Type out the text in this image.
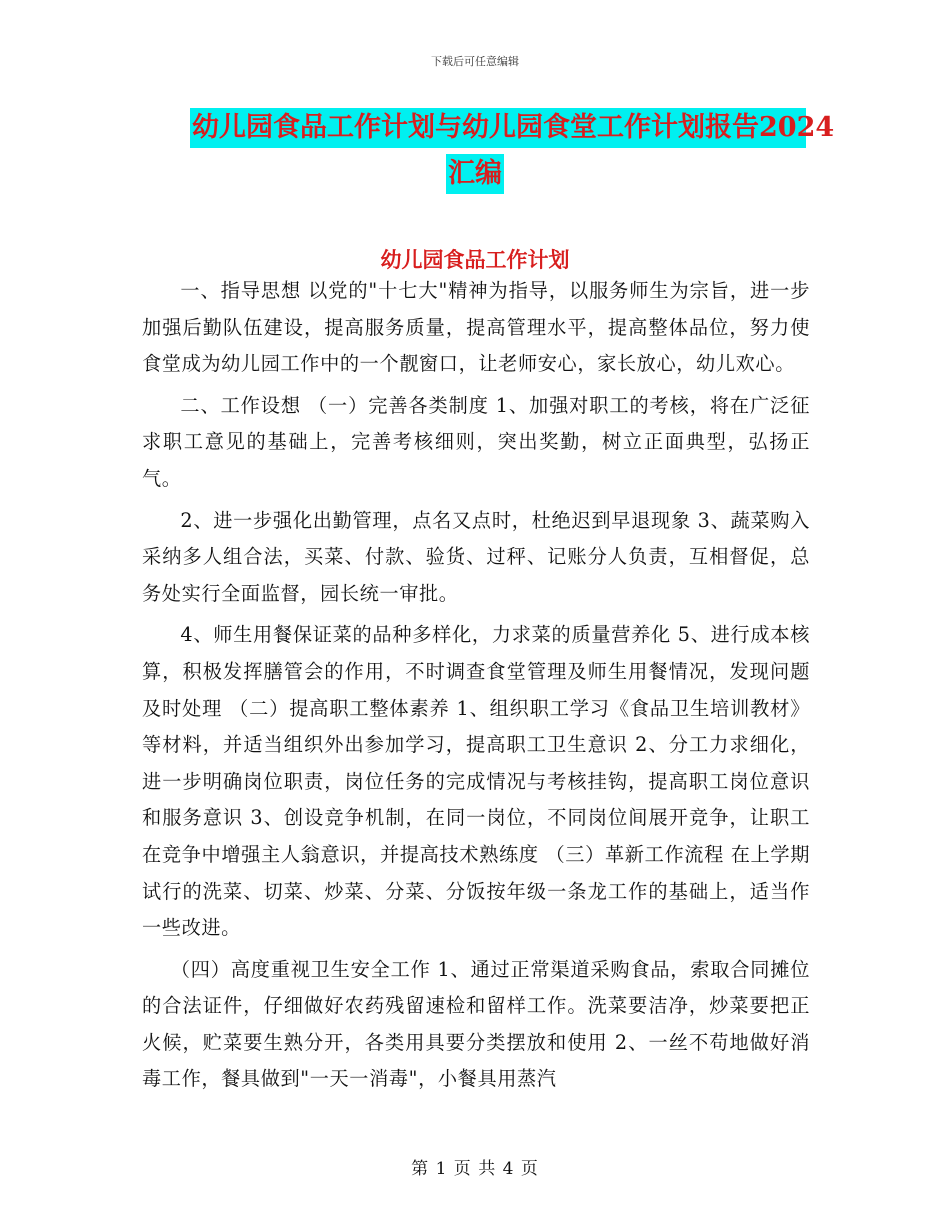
下载后可任意编辑
幼儿园食品工作计划与幼儿园食堂工作计划报告2024
汇编
幼儿园食品工作计划

一、指导思想 以党的"十七大"精神为指导，以服务师生为宗旨，进一步加强后勤队伍建设，提高服务质量，提高管理水平，提高整体品位，努力使食堂成为幼儿园工作中的一个靓窗口，让老师安心，家长放心，幼儿欢心。

二、工作设想 （一）完善各类制度 1、加强对职工的考核，将在广泛征求职工意见的基础上，完善考核细则，突出奖勤，树立正面典型，弘扬正气。

2、进一步强化出勤管理，点名又点时，杜绝迟到早退现象 3、蔬菜购入采纳多人组合法，买菜、付款、验货、过秤、记账分人负责，互相督促，总务处实行全面监督，园长统一审批。

4、师生用餐保证菜的品种多样化，力求菜的质量营养化 5、进行成本核算，积极发挥膳管会的作用，不时调查食堂管理及师生用餐情况，发现问题及时处理 （二）提高职工整体素养 1、组织职工学习《食品卫生培训教材》等材料，并适当组织外出参加学习，提高职工卫生意识 2、分工力求细化，进一步明确岗位职责，岗位任务的完成情况与考核挂钩，提高职工岗位意识和服务意识 3、创设竞争机制，在同一岗位，不同岗位间展开竞争，让职工在竞争中增强主人翁意识，并提高技术熟练度 （三）革新工作流程 在上学期试行的洗菜、切菜、炒菜、分菜、分饭按年级一条龙工作的基础上，适当作一些改进。

（四）高度重视卫生安全工作 1、通过正常渠道采购食品，索取合同摊位的合法证件，仔细做好农药残留速检和留样工作。洗菜要洁净，炒菜要把正火候，贮菜要生熟分开，各类用具要分类摆放和使用 2、一丝不苟地做好消毒工作，餐具做到"一天一消毒"，小餐具用蒸汽

第 1 页 共 4 页
